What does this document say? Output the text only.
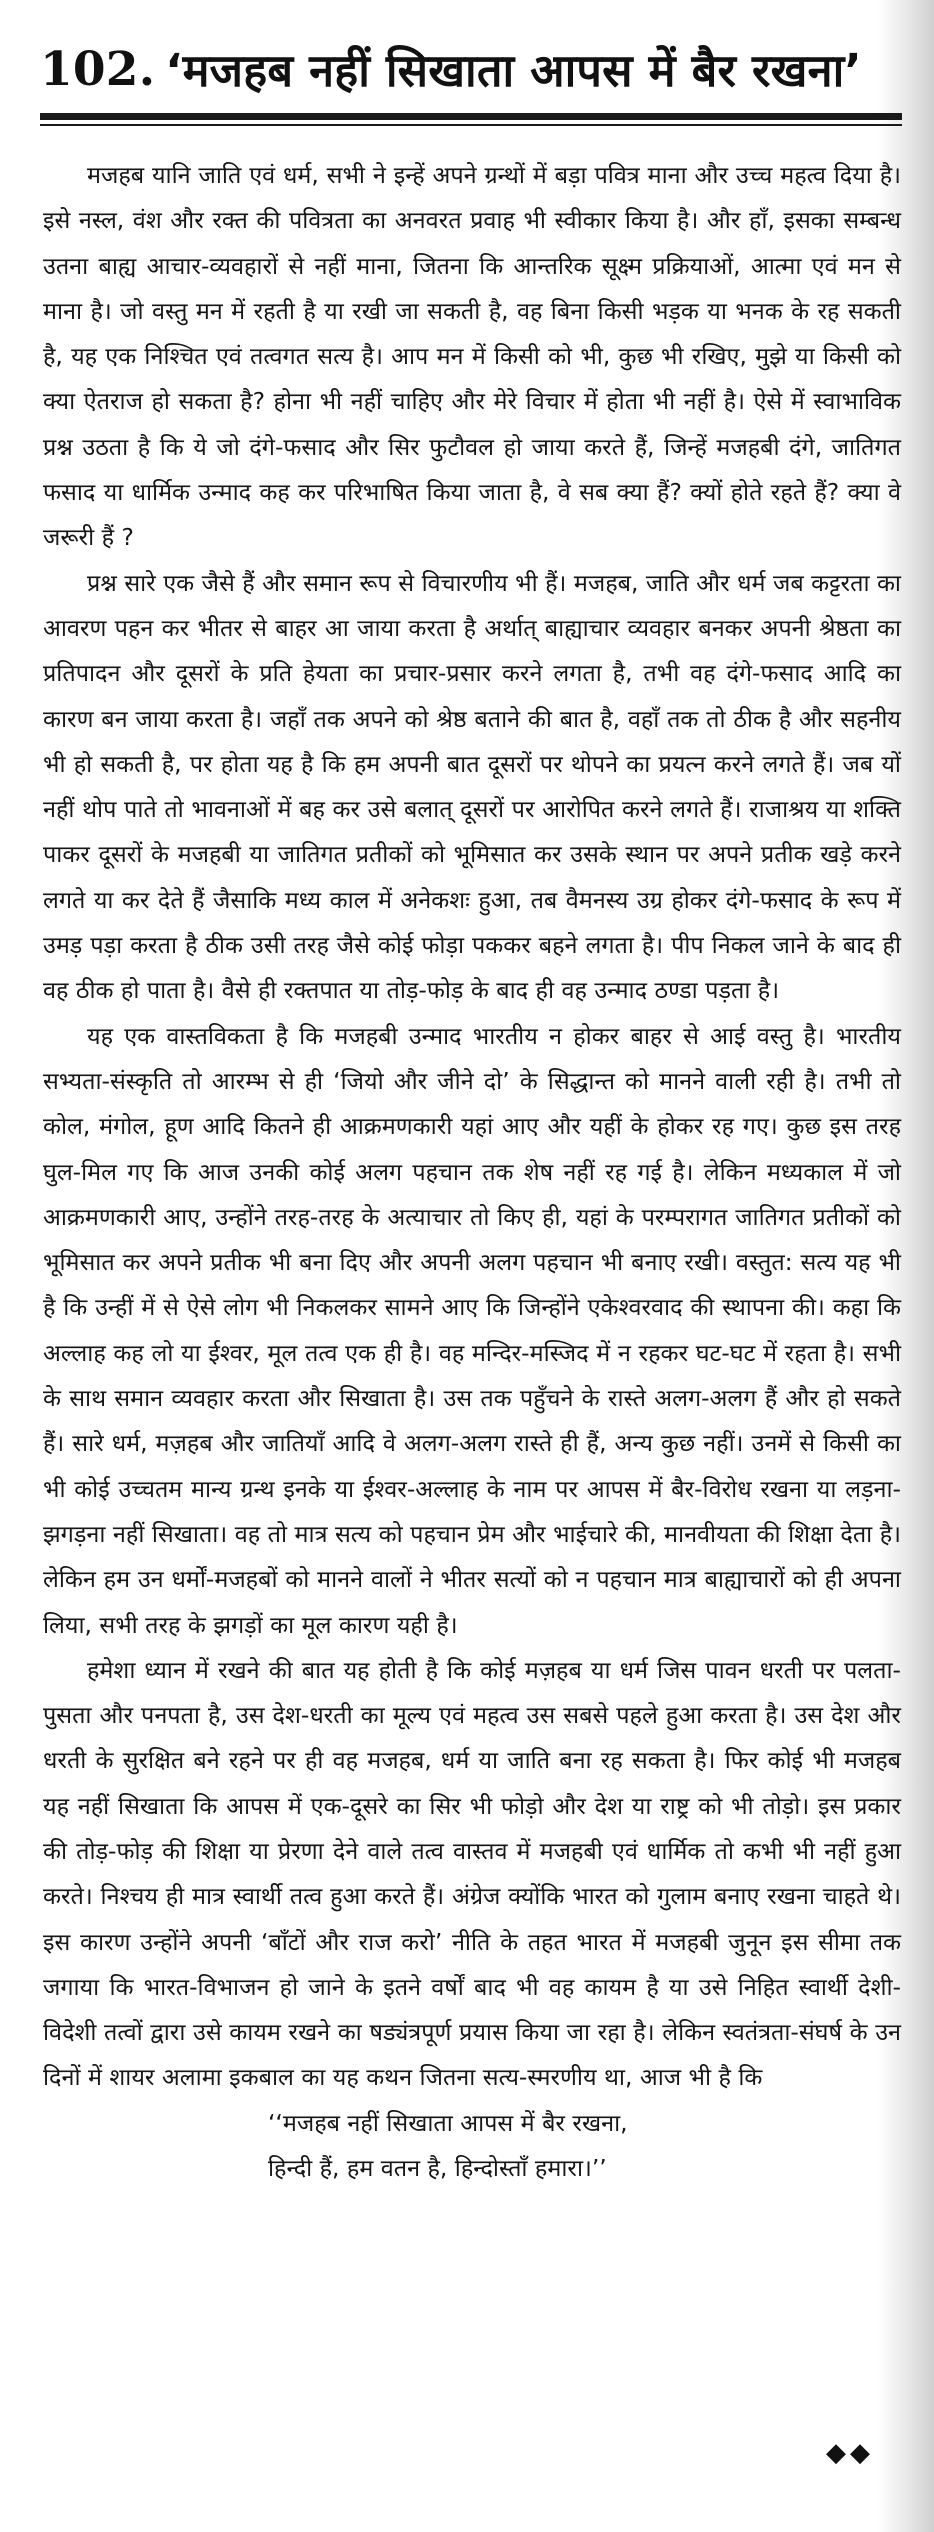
102. ‘मजहब नहीं सिखाता आपस में बैर रखना’

मजहब यानि जाति एवं धर्म, सभी ने इन्हें अपने ग्रन्थों में बड़ा पवित्र माना और उच्च महत्व दिया है। इसे नस्ल, वंश और रक्त की पवित्रता का अनवरत प्रवाह भी स्वीकार किया है। और हाँ, इसका सम्बन्ध उतना बाह्य आचार-व्यवहारों से नहीं माना, जितना कि आन्तरिक सूक्ष्म प्रक्रियाओं, आत्मा एवं मन से माना है। जो वस्तु मन में रहती है या रखी जा सकती है, वह बिना किसी भड़क या भनक के रह सकती है, यह एक निश्चित एवं तत्वगत सत्य है। आप मन में किसी को भी, कुछ भी रखिए, मुझे या किसी को क्या ऐतराज हो सकता है? होना भी नहीं चाहिए और मेरे विचार में होता भी नहीं है। ऐसे में स्वाभाविक प्रश्न उठता है कि ये जो दंगे-फसाद और सिर फुटौवल हो जाया करते हैं, जिन्हें मजहबी दंगे, जातिगत फसाद या धार्मिक उन्माद कह कर परिभाषित किया जाता है, वे सब क्या हैं? क्यों होते रहते हैं? क्या वे जरूरी हैं ?

प्रश्न सारे एक जैसे हैं और समान रूप से विचारणीय भी हैं। मजहब, जाति और धर्म जब कट्टरता का आवरण पहन कर भीतर से बाहर आ जाया करता है अर्थात् बाह्याचार व्यवहार बनकर अपनी श्रेष्ठता का प्रतिपादन और दूसरों के प्रति हेयता का प्रचार-प्रसार करने लगता है, तभी वह दंगे-फसाद आदि का कारण बन जाया करता है। जहाँ तक अपने को श्रेष्ठ बताने की बात है, वहाँ तक तो ठीक है और सहनीय भी हो सकती है, पर होता यह है कि हम अपनी बात दूसरों पर थोपने का प्रयत्न करने लगते हैं। जब यों नहीं थोप पाते तो भावनाओं में बह कर उसे बलात् दूसरों पर आरोपित करने लगते हैं। राजाश्रय या शक्ति पाकर दूसरों के मजहबी या जातिगत प्रतीकों को भूमिसात कर उसके स्थान पर अपने प्रतीक खड़े करने लगते या कर देते हैं जैसाकि मध्य काल में अनेकशः हुआ, तब वैमनस्य उग्र होकर दंगे-फसाद के रूप में उमड़ पड़ा करता है ठीक उसी तरह जैसे कोई फोड़ा पककर बहने लगता है। पीप निकल जाने के बाद ही वह ठीक हो पाता है। वैसे ही रक्तपात या तोड़-फोड़ के बाद ही वह उन्माद ठण्डा पड़ता है।

यह एक वास्तविकता है कि मजहबी उन्माद भारतीय न होकर बाहर से आई वस्तु है। भारतीय सभ्यता-संस्कृति तो आरम्भ से ही ‘जियो और जीने दो’ के सिद्धान्त को मानने वाली रही है। तभी तो कोल, मंगोल, हूण आदि कितने ही आक्रमणकारी यहां आए और यहीं के होकर रह गए। कुछ इस तरह घुल-मिल गए कि आज उनकी कोई अलग पहचान तक शेष नहीं रह गई है। लेकिन मध्यकाल में जो आक्रमणकारी आए, उन्होंने तरह-तरह के अत्याचार तो किए ही, यहां के परम्परागत जातिगत प्रतीकों को भूमिसात कर अपने प्रतीक भी बना दिए और अपनी अलग पहचान भी बनाए रखी। वस्तुत: सत्य यह भी है कि उन्हीं में से ऐसे लोग भी निकलकर सामने आए कि जिन्होंने एकेश्वरवाद की स्थापना की। कहा कि अल्लाह कह लो या ईश्वर, मूल तत्व एक ही है। वह मन्दिर-मस्जिद में न रहकर घट-घट में रहता है। सभी के साथ समान व्यवहार करता और सिखाता है। उस तक पहुँचने के रास्ते अलग-अलग हैं और हो सकते हैं। सारे धर्म, मज़हब और जातियाँ आदि वे अलग-अलग रास्ते ही हैं, अन्य कुछ नहीं। उनमें से किसी का भी कोई उच्चतम मान्य ग्रन्थ इनके या ईश्वर-अल्लाह के नाम पर आपस में बैर-विरोध रखना या लड़ना-झगड़ना नहीं सिखाता। वह तो मात्र सत्य को पहचान प्रेम और भाईचारे की, मानवीयता की शिक्षा देता है। लेकिन हम उन धर्मों-मजहबों को मानने वालों ने भीतर सत्यों को न पहचान मात्र बाह्याचारों को ही अपना लिया, सभी तरह के झगड़ों का मूल कारण यही है।

हमेशा ध्यान में रखने की बात यह होती है कि कोई मज़हब या धर्म जिस पावन धरती पर पलता-पुसता और पनपता है, उस देश-धरती का मूल्य एवं महत्व उस सबसे पहले हुआ करता है। उस देश और धरती के सुरक्षित बने रहने पर ही वह मजहब, धर्म या जाति बना रह सकता है। फिर कोई भी मजहब यह नहीं सिखाता कि आपस में एक-दूसरे का सिर भी फोड़ो और देश या राष्ट्र को भी तोड़ो। इस प्रकार की तोड़-फोड़ की शिक्षा या प्रेरणा देने वाले तत्व वास्तव में मजहबी एवं धार्मिक तो कभी भी नहीं हुआ करते। निश्चय ही मात्र स्वार्थी तत्व हुआ करते हैं। अंग्रेज क्योंकि भारत को गुलाम बनाए रखना चाहते थे। इस कारण उन्होंने अपनी ‘बाँटों और राज करो’ नीति के तहत भारत में मजहबी जुनून इस सीमा तक जगाया कि भारत-विभाजन हो जाने के इतने वर्षों बाद भी वह कायम है या उसे निहित स्वार्थी देशी-विदेशी तत्वों द्वारा उसे कायम रखने का षड्यंत्रपूर्ण प्रयास किया जा रहा है। लेकिन स्वतंत्रता-संघर्ष के उन दिनों में शायर अलामा इकबाल का यह कथन जितना सत्य-स्मरणीय था, आज भी है कि

‘‘मजहब नहीं सिखाता आपस में बैर रखना,
हिन्दी हैं, हम वतन है, हिन्दोस्ताँ हमारा।’’

◆ ◆
